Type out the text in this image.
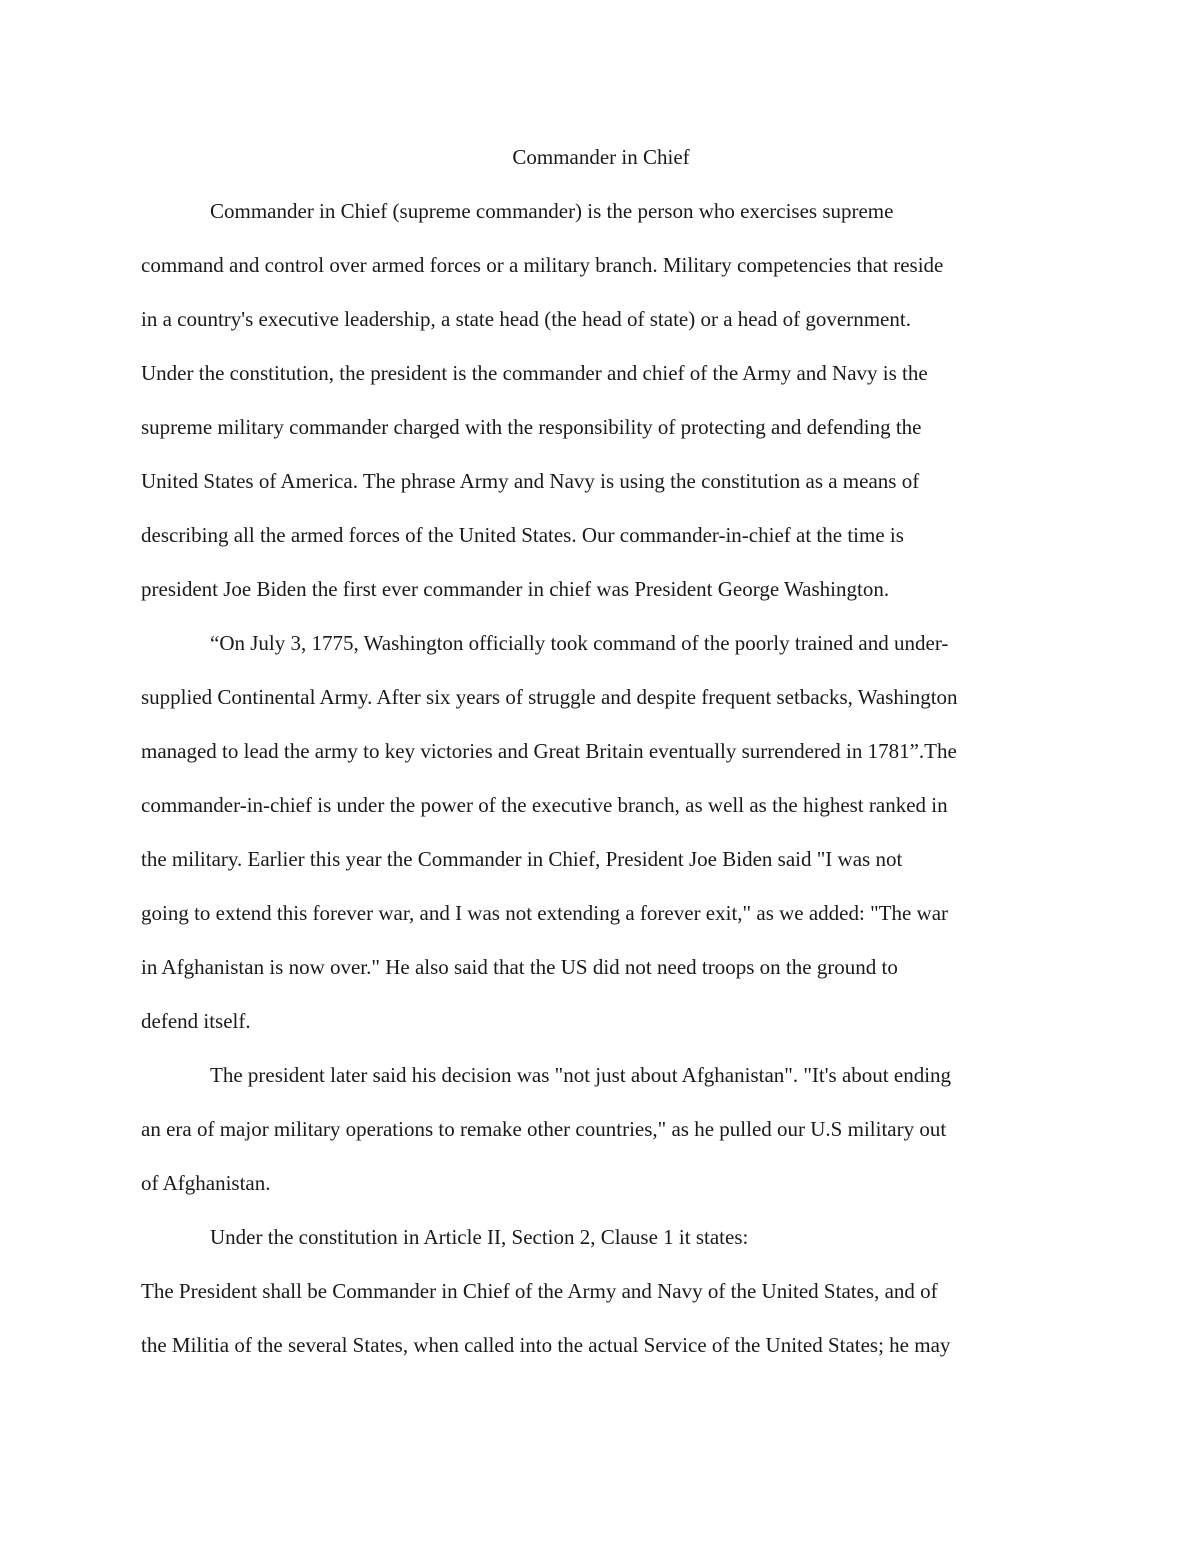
Commander in Chief
Commander in Chief (supreme commander) is the person who exercises supreme
command and control over armed forces or a military branch. Military competencies that reside
in a country's executive leadership, a state head (the head of state) or a head of government.
Under the constitution, the president is the commander and chief of the Army and Navy is the
supreme military commander charged with the responsibility of protecting and defending the
United States of America. The phrase Army and Navy is using the constitution as a means of
describing all the armed forces of the United States. Our commander-in-chief at the time is
president Joe Biden the first ever commander in chief was President George Washington.
“On July 3, 1775, Washington officially took command of the poorly trained and under-
supplied Continental Army. After six years of struggle and despite frequent setbacks, Washington
managed to lead the army to key victories and Great Britain eventually surrendered in 1781”.The
commander-in-chief is under the power of the executive branch, as well as the highest ranked in
the military. Earlier this year the Commander in Chief, President Joe Biden said "I was not
going to extend this forever war, and I was not extending a forever exit," as we added: "The war
in Afghanistan is now over." He also said that the US did not need troops on the ground to
defend itself.
The president later said his decision was "not just about Afghanistan". "It's about ending
an era of major military operations to remake other countries," as he pulled our U.S military out
of Afghanistan.
Under the constitution in Article II, Section 2, Clause 1 it states:
The President shall be Commander in Chief of the Army and Navy of the United States, and of
the Militia of the several States, when called into the actual Service of the United States; he may
